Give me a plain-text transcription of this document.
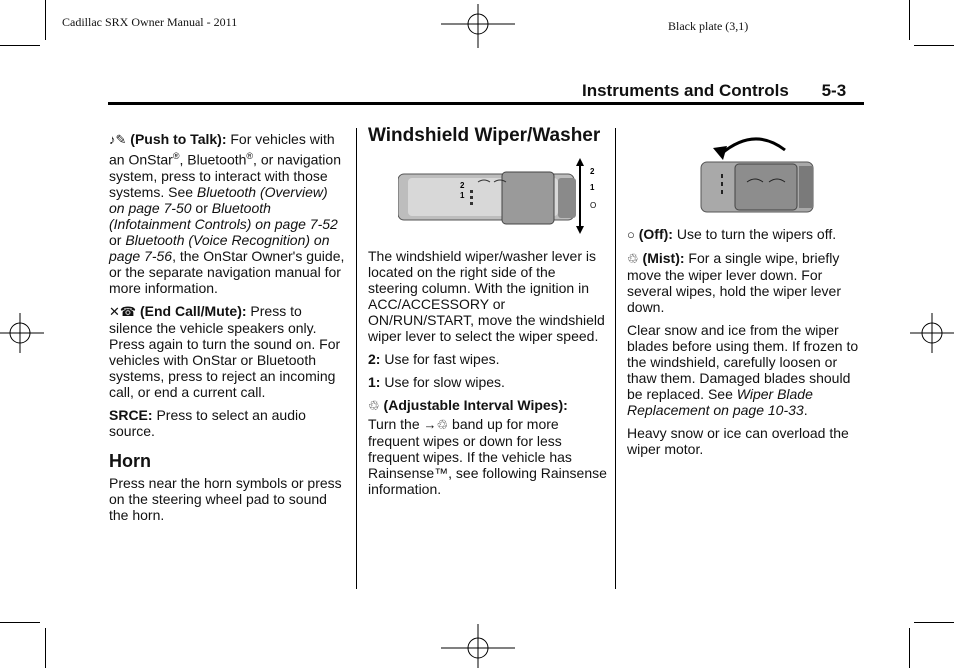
Cadillac SRX Owner Manual - 2011	Black plate (3,1)
Instruments and Controls 5-3

♪✎ (Push to Talk): For vehicles with an OnStar®, Bluetooth®, or navigation system, press to interact with those systems. See Bluetooth (Overview) on page 7-50 or Bluetooth (Infotainment Controls) on page 7-52 or Bluetooth (Voice Recognition) on page 7-56, the OnStar Owner's guide, or the separate navigation manual for more information.

✕☎ (End Call/Mute): Press to silence the vehicle speakers only. Press again to turn the sound on. For vehicles with OnStar or Bluetooth systems, press to reject an incoming call, or end a current call.

SRCE: Press to select an audio source.

Horn

Press near the horn symbols or press on the steering wheel pad to sound the horn.

Windshield Wiper/Washer
2
1
2
1
O

The windshield wiper/washer lever is located on the right side of the steering column. With the ignition in ACC/ACCESSORY or ON/RUN/START, move the windshield wiper lever to select the wiper speed.

2: Use for fast wipes.

1: Use for slow wipes.

♲ (Adjustable Interval Wipes):

Turn the →♲ band up for more frequent wipes or down for less frequent wipes. If the vehicle has Rainsense™, see following Rainsense information.

○ (Off): Use to turn the wipers off.

♲ (Mist): For a single wipe, briefly move the wiper lever down. For several wipes, hold the wiper lever down.

Clear snow and ice from the wiper blades before using them. If frozen to the windshield, carefully loosen or thaw them. Damaged blades should be replaced. See Wiper Blade Replacement on page 10-33.

Heavy snow or ice can overload the wiper motor.
